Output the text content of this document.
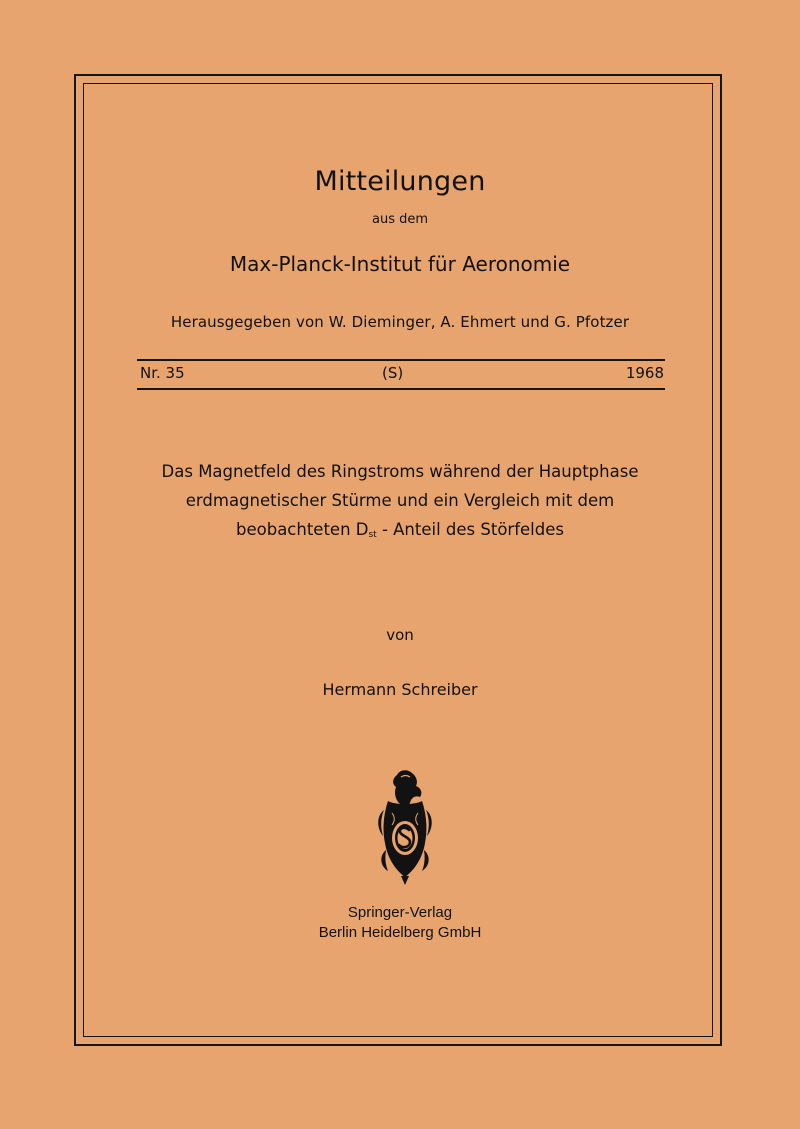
Mitteilungen
aus dem
Max-Planck-Institut für Aeronomie
Herausgegeben von W. Dieminger, A. Ehmert und G. Pfotzer
Nr. 35	(S)	1968
Das Magnetfeld des Ringstroms während der Hauptphase
erdmagnetischer Stürme und ein Vergleich mit dem
beobachteten $D_{st}$ - Anteil des Störfeldes
von
Hermann Schreiber
Springer-Verlag
Berlin Heidelberg GmbH
